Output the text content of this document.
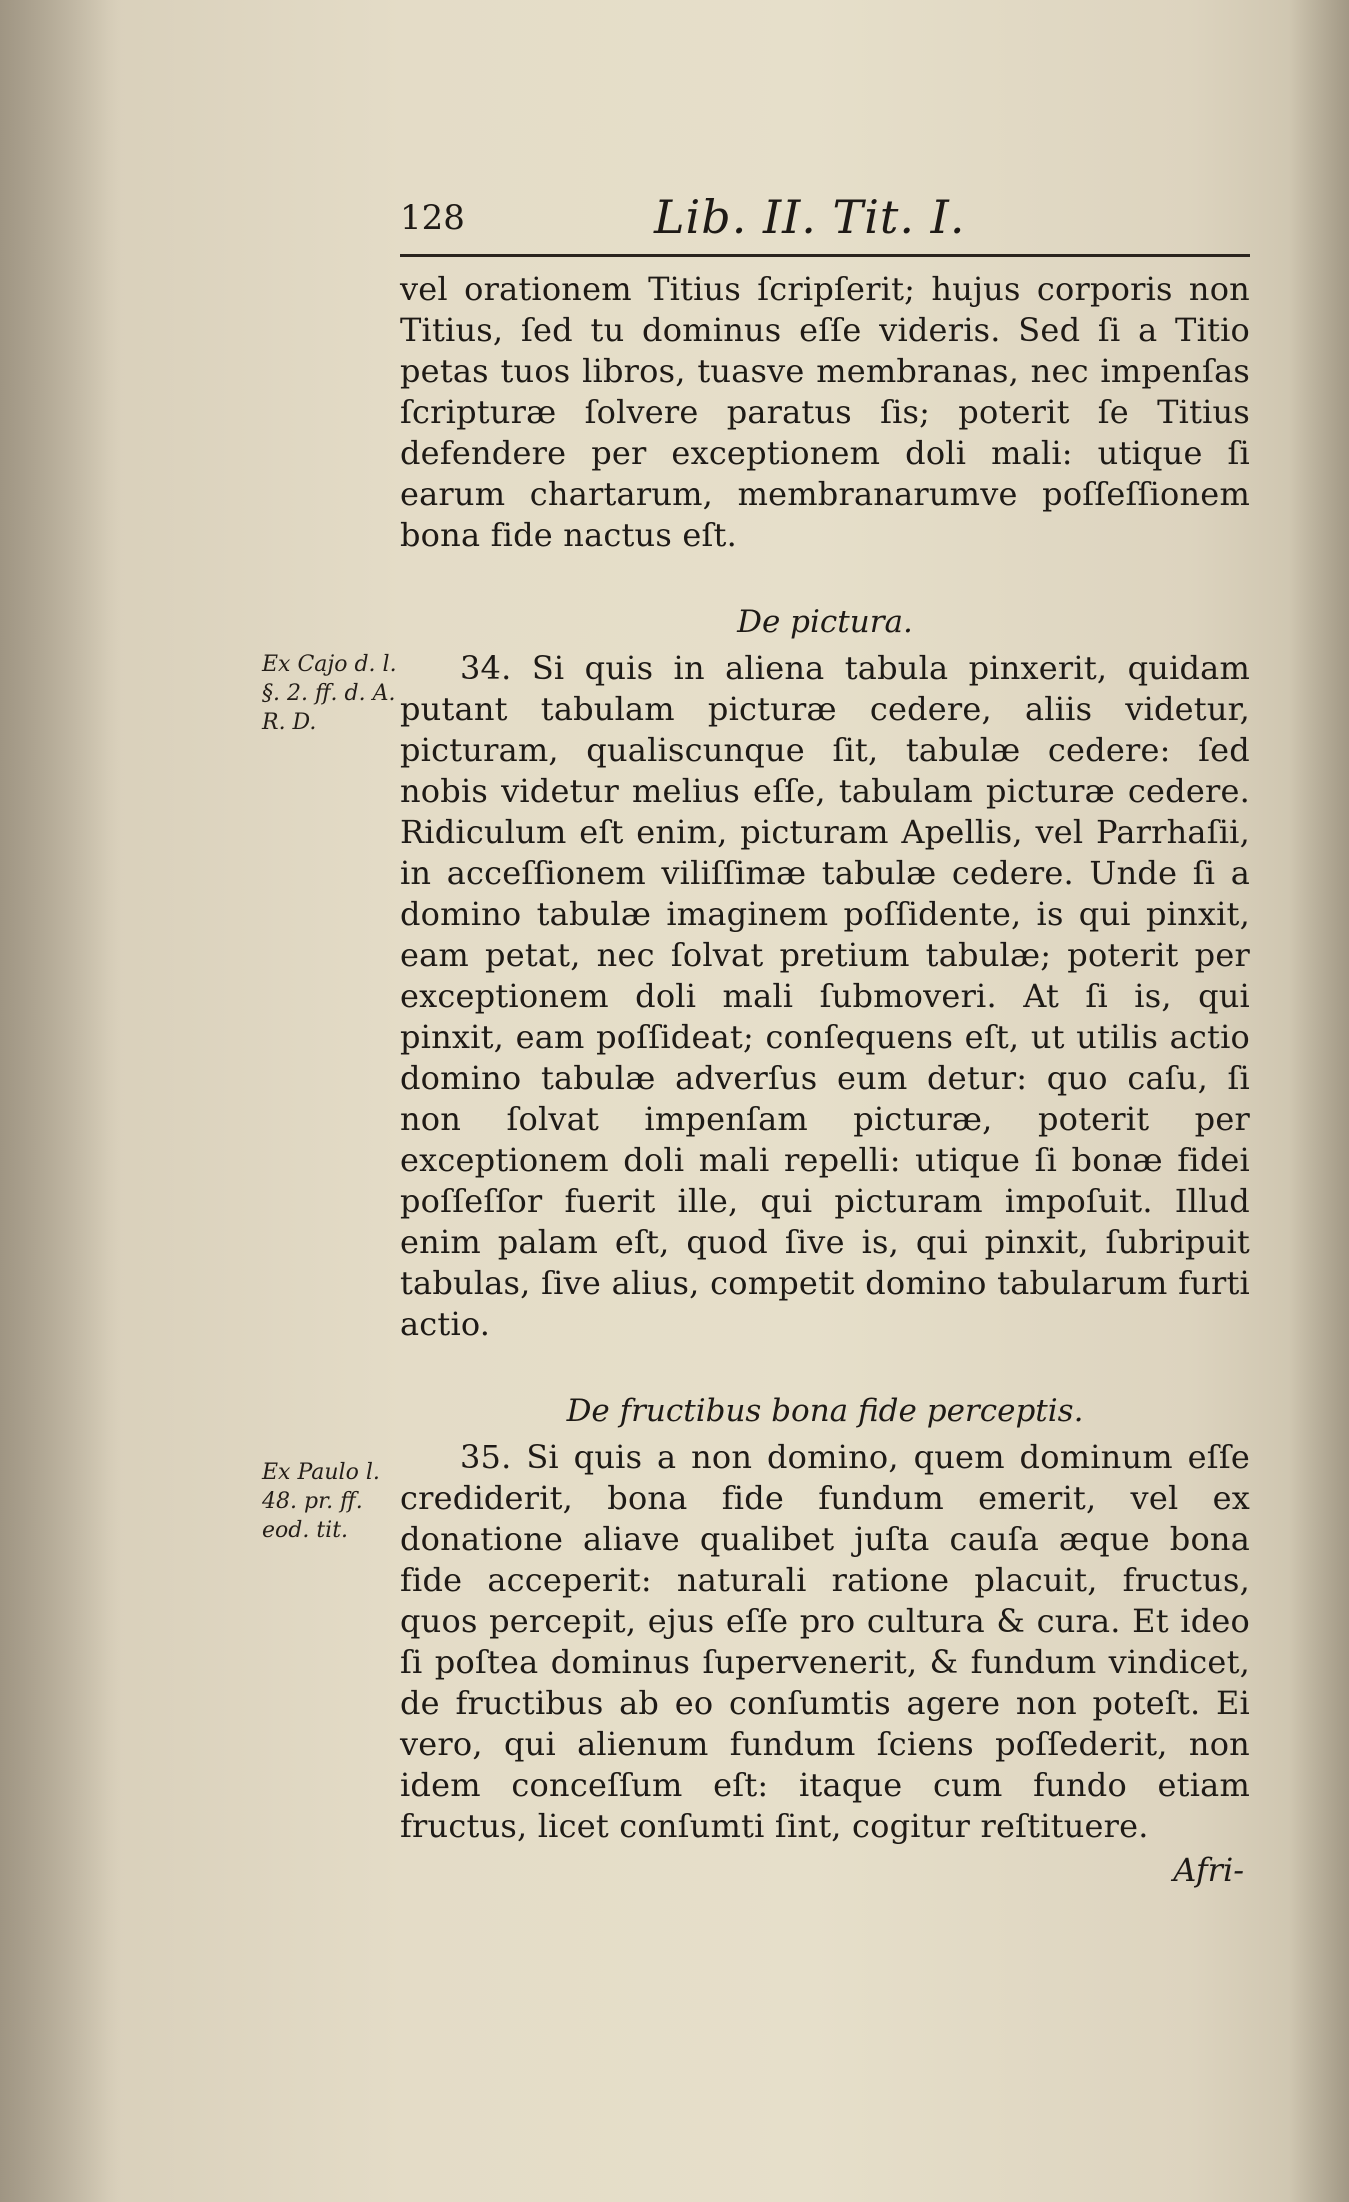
Ex Cajo d. l. §. 2. ff. d. A. R. D.
Ex Paulo l. 48. pr. ff. eod. tit.
128	Lib. II. Tit. I.

vel orationem Titius ſcripſerit; hujus corporis non Titius, ſed tu dominus eſſe videris. Sed ſi a Titio petas tuos libros, tuasve membranas, nec impenſas ſcripturæ ſolvere paratus ſis; poterit ſe Titius defendere per exceptionem doli mali: utique ſi earum chartarum, membranarumve poſſeſſionem bona fide nactus eſt.

De pictura.

34. Si quis in aliena tabula pinxerit, quidam putant tabulam picturæ cedere, aliis videtur, picturam, qualiscunque ſit, tabulæ cedere: ſed nobis videtur melius eſſe, tabulam picturæ cedere. Ridiculum eſt enim, picturam Apellis, vel Parrhaſii, in acceſſionem viliſſimæ tabulæ cedere. Unde ſi a domino tabulæ imaginem poſſidente, is qui pinxit, eam petat, nec ſolvat pretium tabulæ; poterit per exceptionem doli mali ſubmoveri. At ſi is, qui pinxit, eam poſſideat; conſequens eſt, ut utilis actio domino tabulæ adverſus eum detur: quo caſu, ſi non ſolvat impenſam picturæ, poterit per exceptionem doli mali repelli: utique ſi bonæ fidei poſſeſſor fuerit ille, qui picturam impoſuit. Illud enim palam eſt, quod ſive is, qui pinxit, ſubripuit tabulas, ſive alius, competit domino tabularum furti actio.

De fructibus bona fide perceptis.

35. Si quis a non domino, quem dominum eſſe crediderit, bona fide fundum emerit, vel ex donatione aliave qualibet juſta cauſa æque bona fide acceperit: naturali ratione placuit, fructus, quos percepit, ejus eſſe pro cultura & cura. Et ideo ſi poſtea dominus ſupervenerit, & fundum vindicet, de fructibus ab eo conſumtis agere non poteſt. Ei vero, qui alienum fundum ſciens poſſederit, non idem conceſſum eſt: itaque cum fundo etiam fructus, licet conſumti ſint, cogitur reſtituere.

Afri-
